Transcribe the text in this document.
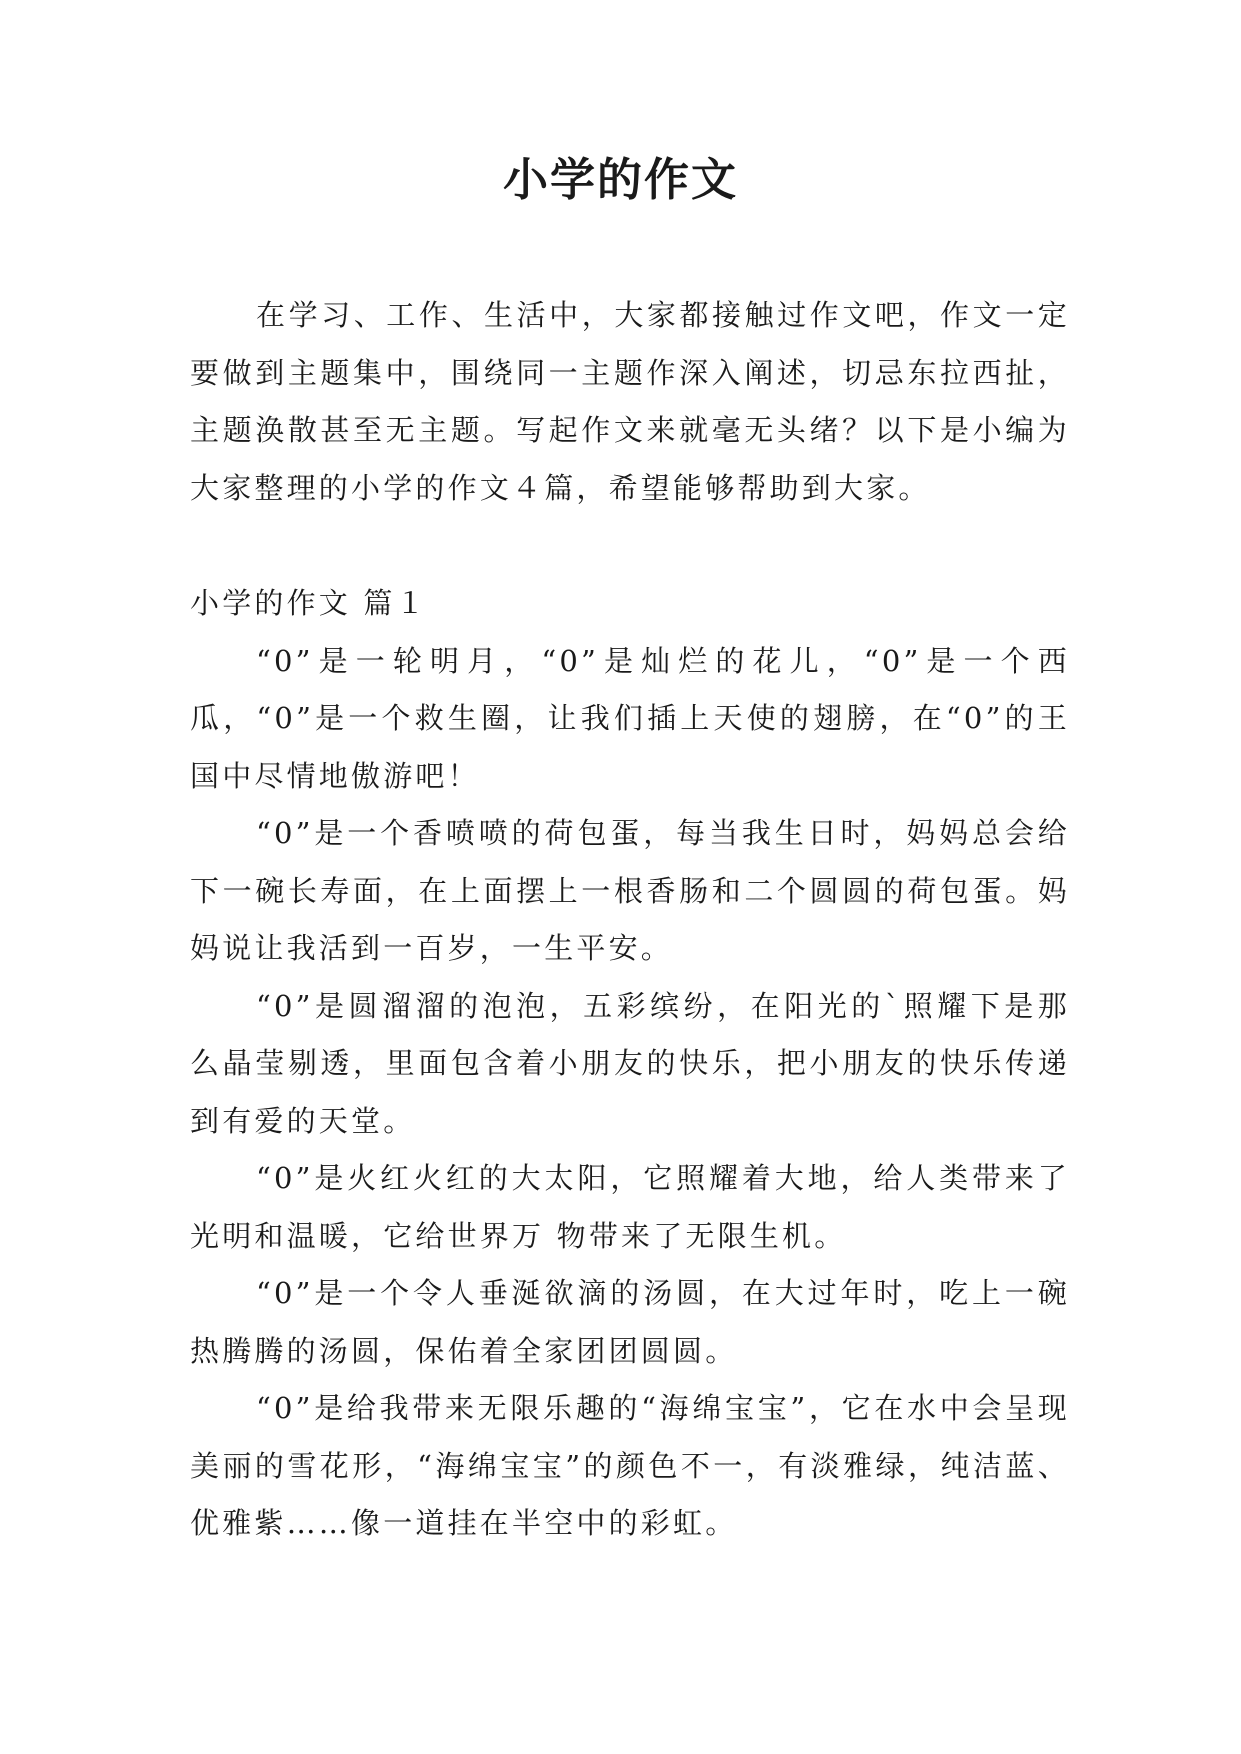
小学的作文

在学习、工作、生活中，大家都接触过作文吧，作文一定要做到主题集中，围绕同一主题作深入阐述，切忌东拉西扯，主题涣散甚至无主题。写起作文来就毫无头绪？以下是小编为大家整理的小学的作文４篇，希望能够帮助到大家。

小学的作文 篇１

“0”是一轮明月，“0”是灿烂的花儿，“0”是一个西瓜，“0”是一个救生圈，让我们插上天使的翅膀，在“0”的王国中尽情地傲游吧！

“0”是一个香喷喷的荷包蛋，每当我生日时，妈妈总会给下一碗长寿面，在上面摆上一根香肠和二个圆圆的荷包蛋。妈妈说让我活到一百岁，一生平安。

“0”是圆溜溜的泡泡，五彩缤纷，在阳光的`照耀下是那么晶莹剔透，里面包含着小朋友的快乐，把小朋友的快乐传递到有爱的天堂。

“0”是火红火红的大太阳，它照耀着大地，给人类带来了光明和温暖，它给世界万 物带来了无限生机。

“0”是一个令人垂涎欲滴的汤圆，在大过年时，吃上一碗热腾腾的汤圆，保佑着全家团团圆圆。

“0”是给我带来无限乐趣的“海绵宝宝”，它在水中会呈现美丽的雪花形，“海绵宝宝”的颜色不一，有淡雅绿，纯洁蓝、优雅紫……像一道挂在半空中的彩虹。
